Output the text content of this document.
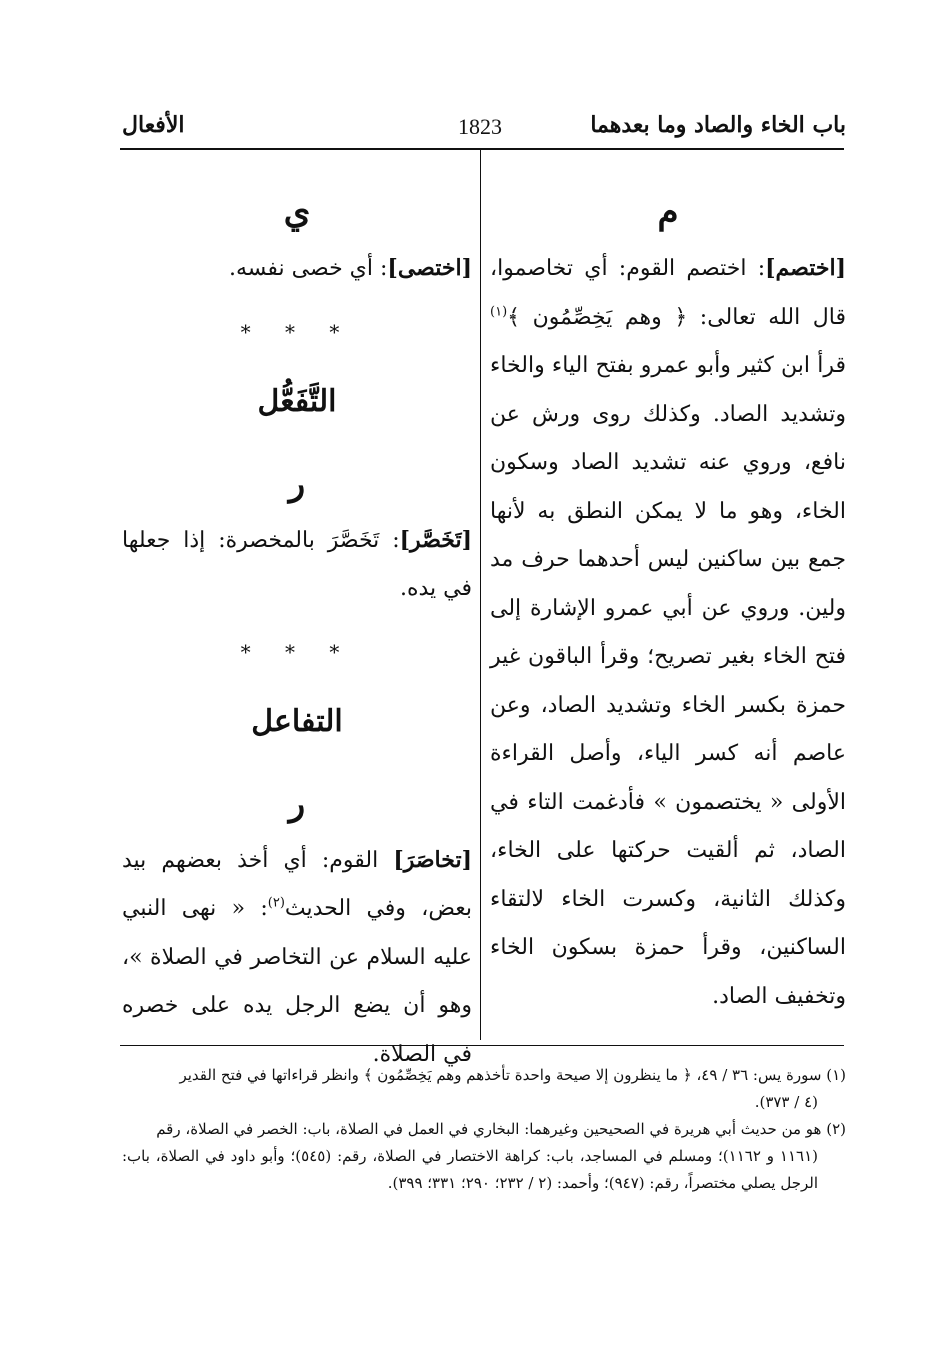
باب الخاء والصاد وما بعدهما
1823
الأفعال

م

[اختصم]: اختصم القوم: أي تخاصموا، قال الله تعالى: ﴿ وهم يَخِصِّمُون ﴾$^{(١)}$ قرأ ابن كثير وأبو عمرو بفتح الياء والخاء وتشديد الصاد. وكذلك روى ورش عن نافع، وروي عنه تشديد الصاد وسكون الخاء، وهو ما لا يمكن النطق به لأنها جمع بين ساكنين ليس أحدهما حرف مد ولين. وروي عن أبي عمرو الإشارة إلى فتح الخاء بغير تصريح؛ وقرأ الباقون غير حمزة بكسر الخاء وتشديد الصاد، وعن عاصم أنه كسر الياء، وأصل القراءة الأولى « يختصمون » فأدغمت التاء في الصاد، ثم ألقيت حركتها على الخاء، وكذلك الثانية، وكسرت الخاء لالتقاء الساكنين، وقرأ حمزة بسكون الخاء وتخفيف الصاد.

ي

[اختصى]: أي خصى نفسه.

* * *

التَّفَعُّل

ر

[تَخَصَّر]: تَخَصَّرَ بالمخصرة: إذا جعلها في يده.

* * *

التفاعل

ر

[تخاصَرَ] القوم: أي أخذ بعضهم بيد بعض، وفي الحديث$^{(٢)}$: « نهى النبي عليه السلام عن التخاصر في الصلاة »، وهو أن يضع الرجل يده على خصره في الصلاة.

(١) سورة يس: ٣٦ / ٤٩، ﴿ ما ينظرون إلا صيحة واحدة تأخذهم وهم يَخِصِّمُون ﴾ وانظر قراءاتها في فتح القدير

(٤ / ٣٧٣).

(٢) هو من حديث أبي هريرة في الصحيحين وغيرهما: البخاري في العمل في الصلاة، باب: الخصر في الصلاة، رقم

(١١٦١ و ١١٦٢)؛ ومسلم في المساجد، باب: كراهة الاختصار في الصلاة، رقم: (٥٤٥)؛ وأبو داود في الصلاة، باب: الرجل يصلي مختصراً، رقم: (٩٤٧)؛ وأحمد: (٢ / ٢٣٢؛ ٢٩٠؛ ٣٣١؛ ٣٩٩).
